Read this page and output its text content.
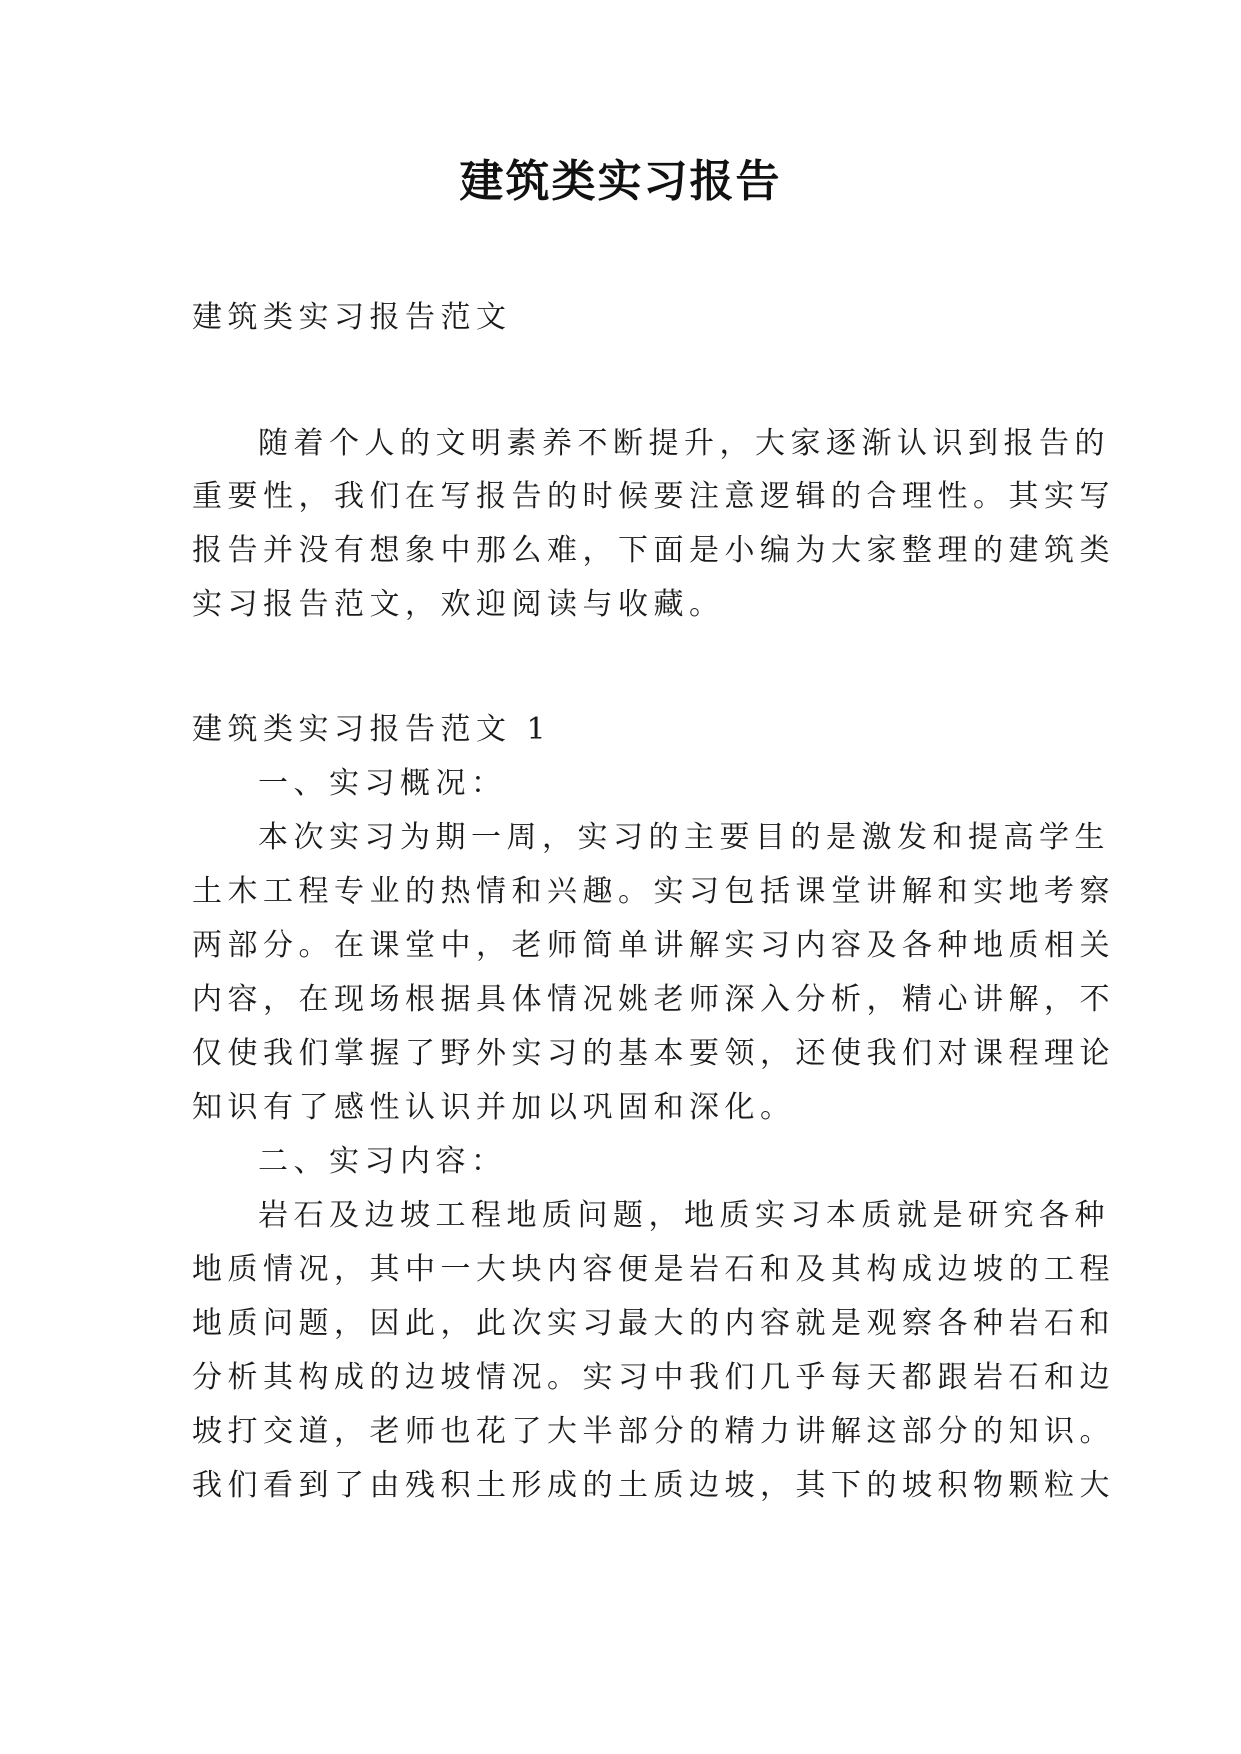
建筑类实习报告
建筑类实习报告范文
随着个人的文明素养不断提升，大家逐渐认识到报告的
重要性，我们在写报告的时候要注意逻辑的合理性。其实写
报告并没有想象中那么难，下面是小编为大家整理的建筑类
实习报告范文，欢迎阅读与收藏。
建筑类实习报告范文 1
一、实习概况：
本次实习为期一周，实习的主要目的是激发和提高学生
土木工程专业的热情和兴趣。实习包括课堂讲解和实地考察
两部分。在课堂中，老师简单讲解实习内容及各种地质相关
内容，在现场根据具体情况姚老师深入分析，精心讲解，不
仅使我们掌握了野外实习的基本要领，还使我们对课程理论
知识有了感性认识并加以巩固和深化。
二、实习内容：
岩石及边坡工程地质问题，地质实习本质就是研究各种
地质情况，其中一大块内容便是岩石和及其构成边坡的工程
地质问题，因此，此次实习最大的内容就是观察各种岩石和
分析其构成的边坡情况。实习中我们几乎每天都跟岩石和边
坡打交道，老师也花了大半部分的精力讲解这部分的知识。
我们看到了由残积土形成的土质边坡，其下的坡积物颗粒大
